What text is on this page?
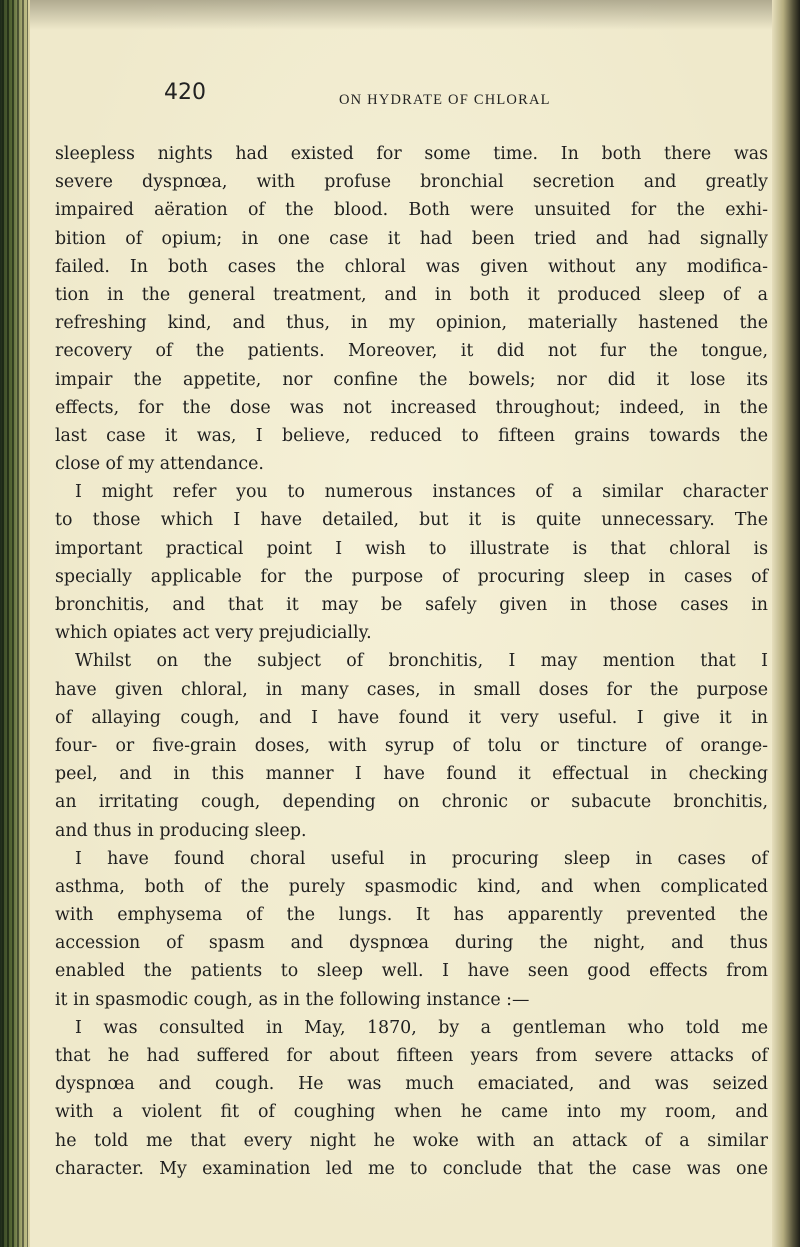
420	ON HYDRATE OF CHLORAL
sleepless nights had existed for some time. In both there was
severe dyspnœa, with profuse bronchial secretion and greatly
impaired aëration of the blood. Both were unsuited for the exhi-
bition of opium; in one case it had been tried and had signally
failed. In both cases the chloral was given without any modifica-
tion in the general treatment, and in both it produced sleep of a
refreshing kind, and thus, in my opinion, materially hastened the
recovery of the patients. Moreover, it did not fur the tongue,
impair the appetite, nor confine the bowels; nor did it lose its
effects, for the dose was not increased throughout; indeed, in the
last case it was, I believe, reduced to fifteen grains towards the
close of my attendance.
I might refer you to numerous instances of a similar character
to those which I have detailed, but it is quite unnecessary. The
important practical point I wish to illustrate is that chloral is
specially applicable for the purpose of procuring sleep in cases of
bronchitis, and that it may be safely given in those cases in
which opiates act very prejudicially.
Whilst on the subject of bronchitis, I may mention that I
have given chloral, in many cases, in small doses for the purpose
of allaying cough, and I have found it very useful. I give it in
four- or five-grain doses, with syrup of tolu or tincture of orange-
peel, and in this manner I have found it effectual in checking
an irritating cough, depending on chronic or subacute bronchitis,
and thus in producing sleep.
I have found choral useful in procuring sleep in cases of
asthma, both of the purely spasmodic kind, and when complicated
with emphysema of the lungs. It has apparently prevented the
accession of spasm and dyspnœa during the night, and thus
enabled the patients to sleep well. I have seen good effects from
it in spasmodic cough, as in the following instance :—
I was consulted in May, 1870, by a gentleman who told me
that he had suffered for about fifteen years from severe attacks of
dyspnœa and cough. He was much emaciated, and was seized
with a violent fit of coughing when he came into my room, and
he told me that every night he woke with an attack of a similar
character. My examination led me to conclude that the case was one
